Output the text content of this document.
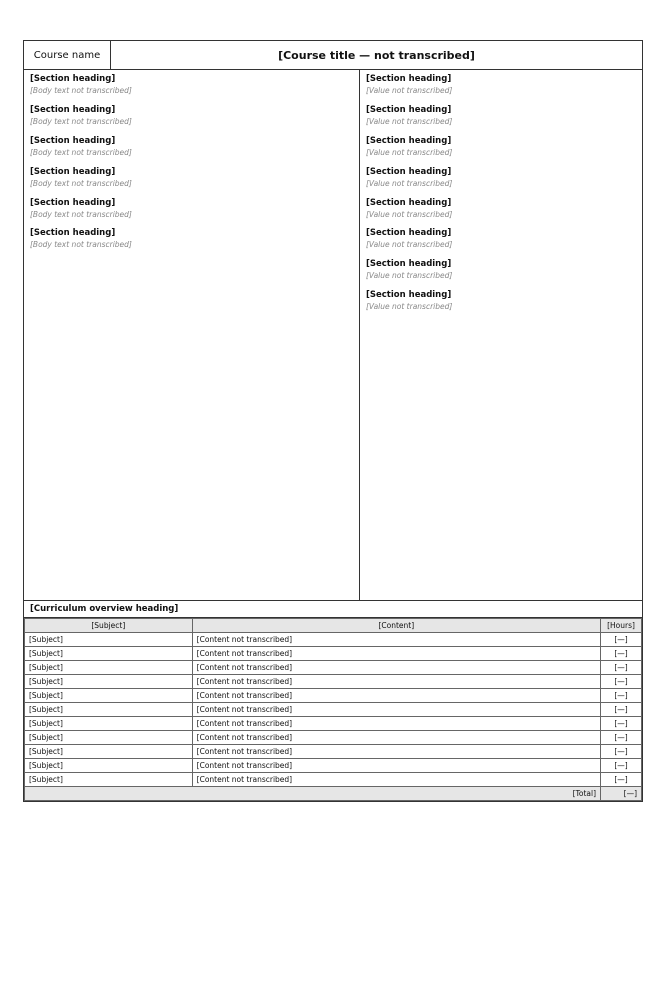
Course name	[Course title — not transcribed]
[Section heading]
[Body text not transcribed]
[Section heading]
[Body text not transcribed]
[Section heading]
[Body text not transcribed]
[Section heading]
[Body text not transcribed]
[Section heading]
[Body text not transcribed]
[Section heading]
[Body text not transcribed]
[Section heading]
[Value not transcribed]
[Section heading]
[Value not transcribed]
[Section heading]
[Value not transcribed]
[Section heading]
[Value not transcribed]
[Section heading]
[Value not transcribed]
[Section heading]
[Value not transcribed]
[Section heading]
[Value not transcribed]
[Section heading]
[Value not transcribed]
[Curriculum overview heading]
[Subject]	[Content]	[Hours]
[Subject]	[Content not transcribed]	[—]
[Subject]	[Content not transcribed]	[—]
[Subject]	[Content not transcribed]	[—]
[Subject]	[Content not transcribed]	[—]
[Subject]	[Content not transcribed]	[—]
[Subject]	[Content not transcribed]	[—]
[Subject]	[Content not transcribed]	[—]
[Subject]	[Content not transcribed]	[—]
[Subject]	[Content not transcribed]	[—]
[Subject]	[Content not transcribed]	[—]
[Subject]	[Content not transcribed]	[—]
[Total]		[—]
